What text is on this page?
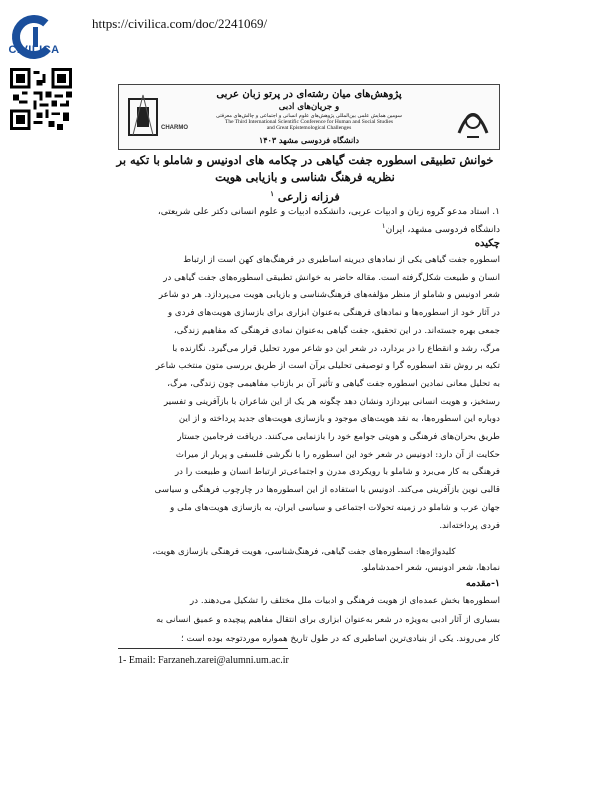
CIVILICA
https://civilica.com/doc/2241069/
CHARMO
پژوهش‌های میان رشته‌ای در پرتو زبان عربی
و جریان‌های ادبی
سومین همایش علمی بین‌المللی پژوهش‌های علوم انسانی و اجتماعی و چالش‌های معرفتی
The Third International Scientific Conference for Human and Social Studies
and Great Epistemological Challenges
دانشگاه فردوسی مشهد ۱۴۰۳
خوانش تطبیقی اسطوره جفت گیاهی در چکامه های ادونیس و شاملو با تکیه بر
نظریه فرهنگ شناسی و بازیابی هویت
فرزانه زارعی $^۱$
۱. استاد مدعو گروه زبان و ادبیات عربی، دانشکده ادبیات و علوم انسانی دکتر علی شریعتی،
دانشگاه فردوسی مشهد، ایران$^۱$
چکیده

اسطوره جفت گیاهی یکی از نمادهای دیرینه اساطیری در فرهنگ‌های کهن است از ارتباط

انسان و طبیعت شکل‌گرفته است. مقاله حاضر به خوانش تطبیقی اسطوره‌های جفت گیاهی در

شعر ادونیس و شاملو از منظر مؤلفه‌های فرهنگ‌شناسی و بازیابی هویت می‌پردازد. هر دو شاعر

در آثار خود از اسطوره‌ها و نمادهای فرهنگی به‌عنوان ابزاری برای بازسازی هویت‌های فردی و

جمعی بهره جسته‌اند. در این تحقیق، جفت گیاهی به‌عنوان نمادی فرهنگی که مفاهیم زندگی،

مرگ، رشد و انقطاع را در بردارد، در شعر این دو شاعر مورد تحلیل قرار می‌گیرد. نگارنده با

تکیه بر روش نقد اسطوره گرا و توصیفی تحلیلی برآن است از طریق بررسی متون منتخب شاعر

به تحلیل معانی نمادین اسطوره جفت گیاهی و تأثیر آن بر بازتاب مفاهیمی چون زندگی، مرگ،

رستخیز، و هویت انسانی بپردازد ونشان دهد چگونه هر یک از این شاعران با بازآفرینی و تفسیر

دوباره این اسطوره‌ها، به نقد هویت‌های موجود و بازسازی هویت‌های جدید پرداخته و از این

طریق بحران‌های فرهنگی و هویتی جوامع خود را بازنمایی می‌کنند. دریافت فرجامین جستار

حکایت از آن دارد: ادونیس در شعر خود این اسطوره را با نگرشی فلسفی و پربار از میراث

فرهنگی به کار می‌برد و شاملو با رویکردی مدرن و اجتماعی‌تر ارتباط انسان و طبیعت را در

قالبی نوین بازآفرینی می‌کند. ادونیس با استفاده از این اسطوره‌ها در چارچوب فرهنگی و سیاسی

جهان عرب و شاملو در زمینه تحولات اجتماعی و سیاسی ایران، به بازسازی هویت‌های ملی و

فردی پرداخته‌اند.

کلیدواژه‌ها: اسطوره‌های جفت گیاهی، فرهنگ‌شناسی، هویت فرهنگی بازسازی هویت،
نمادها، شعر ادونیس، شعر احمدشاملو.
۱-مقدمه

اسطوره‌ها بخش عمده‌ای از هویت فرهنگی و ادبیات ملل مختلف را تشکیل می‌دهند. در

بسیاری از آثار ادبی به‌ویژه در شعر به‌عنوان ابزاری برای انتقال مفاهیم پیچیده و عمیق انسانی به

کار می‌روند. یکی از بنیادی‌ترین اساطیری که در طول تاریخ همواره موردتوجه بوده است ؛

1- Email: Farzaneh.zarei@alumni.um.ac.ir
